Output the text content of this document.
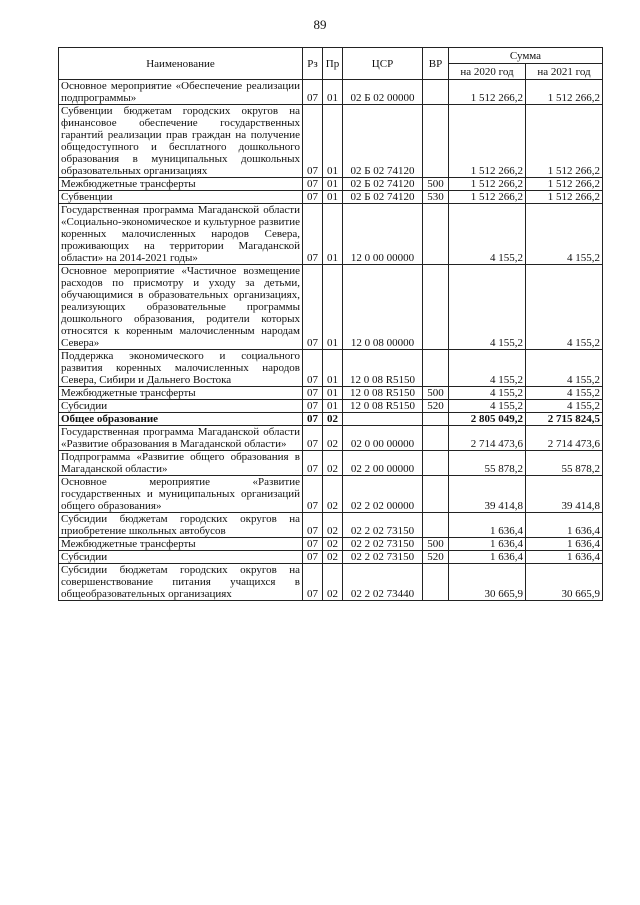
89
Наименование	Рз	Пр	ЦСР	ВР	Сумма	
					на 2020 год	на 2021 год
Основное мероприятие «Обеспечение реализации подпрограммы»	07	01	02 Б 02 00000		1 512 266,2	1 512 266,2
Субвенции бюджетам городских округов на финансовое обеспечение государственных гарантий реализации прав граждан на получение общедоступного и бесплатного дошкольного образования в муниципальных дошкольных образовательных организациях	07	01	02 Б 02 74120		1 512 266,2	1 512 266,2
Межбюджетные трансферты	07	01	02 Б 02 74120	500	1 512 266,2	1 512 266,2
Субвенции	07	01	02 Б 02 74120	530	1 512 266,2	1 512 266,2
Государственная программа Магаданской области «Социально-экономическое и культурное развитие коренных малочисленных народов Севера, проживающих на территории Магаданской области» на 2014-2021 годы»	07	01	12 0 00 00000		4 155,2	4 155,2
Основное мероприятие «Частичное возмещение расходов по присмотру и уходу за детьми, обучающимися в образовательных организациях, реализующих образовательные программы дошкольного образования, родители которых относятся к коренным малочисленным народам Севера»	07	01	12 0 08 00000		4 155,2	4 155,2
Поддержка экономического и социального развития коренных малочисленных народов Севера, Сибири и Дальнего Востока	07	01	12 0 08 R5150		4 155,2	4 155,2
Межбюджетные трансферты	07	01	12 0 08 R5150	500	4 155,2	4 155,2
Субсидии	07	01	12 0 08 R5150	520	4 155,2	4 155,2
Общее образование	07	02			2 805 049,2	2 715 824,5
Государственная программа Магаданской области «Развитие образования в Магаданской области»	07	02	02 0 00 00000		2 714 473,6	2 714 473,6
Подпрограмма «Развитие общего образования в Магаданской области»	07	02	02 2 00 00000		55 878,2	55 878,2
Основное мероприятие «Развитие государственных и муниципальных организаций общего образования»	07	02	02 2 02 00000		39 414,8	39 414,8
Субсидии бюджетам городских округов на приобретение школьных автобусов	07	02	02 2 02 73150		1 636,4	1 636,4
Межбюджетные трансферты	07	02	02 2 02 73150	500	1 636,4	1 636,4
Субсидии	07	02	02 2 02 73150	520	1 636,4	1 636,4
Субсидии бюджетам городских округов на совершенствование питания учащихся в общеобразовательных организациях	07	02	02 2 02 73440		30 665,9	30 665,9
